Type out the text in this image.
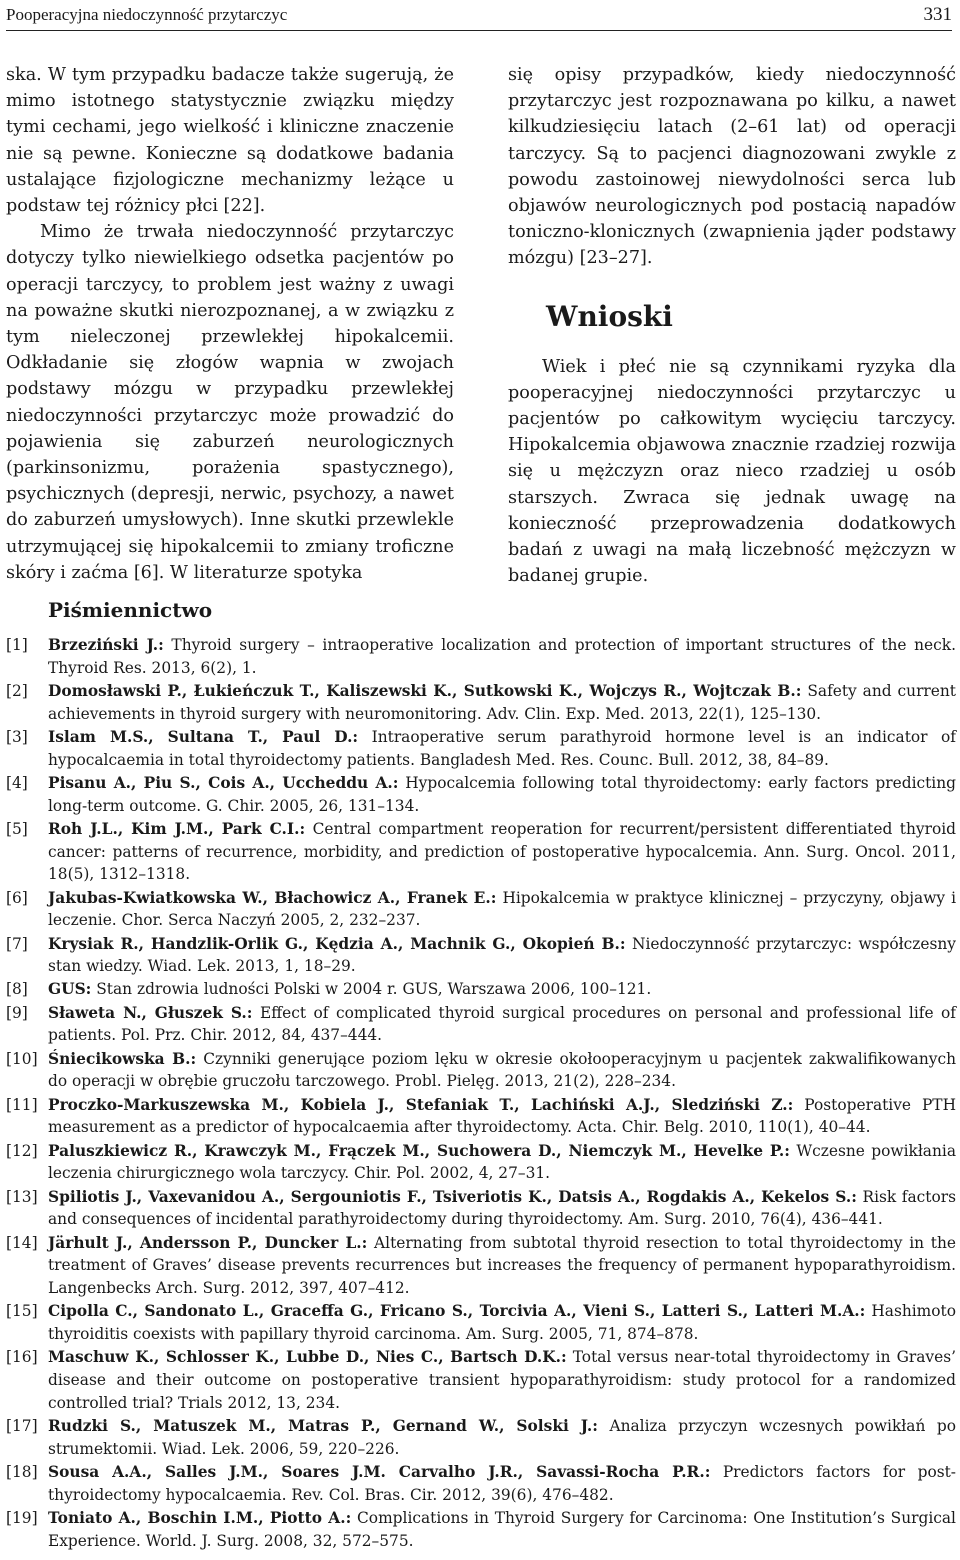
Pooperacyjna niedoczynność przytarczyc	331

ska. W tym przypadku badacze także sugerują, że mimo istotnego statystycznie związku między tymi cechami, jego wielkość i kliniczne znaczenie nie są pewne. Konieczne są dodatkowe badania ustalające fizjologiczne mechanizmy leżące u podstaw tej różnicy płci [22].

Mimo że trwała niedoczynność przytarczyc dotyczy tylko niewielkiego odsetka pacjentów po operacji tarczycy, to problem jest ważny z uwagi na poważne skutki nierozpoznanej, a w związku z tym nieleczonej przewlekłej hipokalcemii. Odkładanie się złogów wapnia w zwojach podstawy mózgu w przypadku przewlekłej niedoczynności przytarczyc może prowadzić do pojawienia się zaburzeń neurologicznych (parkinsonizmu, porażenia spastycznego), psychicznych (depresji, nerwic, psychozy, a nawet do zaburzeń umysłowych). Inne skutki przewlekle utrzymującej się hipokalcemii to zmiany troficzne skóry i zaćma [6]. W literaturze spotyka

się opisy przypadków, kiedy niedoczynność przytarczyc jest rozpoznawana po kilku, a nawet kilkudziesięciu latach (2–61 lat) od operacji tarczycy. Są to pacjenci diagnozowani zwykle z powodu zastoinowej niewydolności serca lub objawów neurologicznych pod postacią napadów toniczno-klonicznych (zwapnienia jąder podstawy mózgu) [23–27].

Wnioski

Wiek i płeć nie są czynnikami ryzyka dla pooperacyjnej niedoczynności przytarczyc u pacjentów po całkowitym wycięciu tarczycy. Hipokalcemia objawowa znacznie rzadziej rozwija się u mężczyzn oraz nieco rzadziej u osób starszych. Zwraca się jednak uwagę na konieczność przeprowadzenia dodatkowych badań z uwagi na małą liczebność mężczyzn w badanej grupie.

Piśmiennictwo
[1]	Brzeziński J.: Thyroid surgery – intraoperative localization and protection of important structures of the neck. Thyroid Res. 2013, 6(2), 1.
[2]	Domosławski P., Łukieńczuk T., Kaliszewski K., Sutkowski K., Wojczys R., Wojtczak B.: Safety and current achievements in thyroid surgery with neuromonitoring. Adv. Clin. Exp. Med. 2013, 22(1), 125–130.
[3]	Islam M.S., Sultana T., Paul D.: Intraoperative serum parathyroid hormone level is an indicator of hypocalcaemia in total thyroidectomy patients. Bangladesh Med. Res. Counc. Bull. 2012, 38, 84–89.
[4]	Pisanu A., Piu S., Cois A., Uccheddu A.: Hypocalcemia following total thyroidectomy: early factors predicting long-term outcome. G. Chir. 2005, 26, 131–134.
[5]	Roh J.L., Kim J.M., Park C.I.: Central compartment reoperation for recurrent/persistent differentiated thyroid cancer: patterns of recurrence, morbidity, and prediction of postoperative hypocalcemia. Ann. Surg. Oncol. 2011, 18(5), 1312–1318.
[6]	Jakubas-Kwiatkowska W., Błachowicz A., Franek E.: Hipokalcemia w praktyce klinicznej – przyczyny, objawy i leczenie. Chor. Serca Naczyń 2005, 2, 232–237.
[7]	Krysiak R., Handzlik-Orlik G., Kędzia A., Machnik G., Okopień B.: Niedoczynność przytarczyc: współczesny stan wiedzy. Wiad. Lek. 2013, 1, 18–29.
[8]	GUS: Stan zdrowia ludności Polski w 2004 r. GUS, Warszawa 2006, 100–121.
[9]	Sławeta N., Głuszek S.: Effect of complicated thyroid surgical procedures on personal and professional life of patients. Pol. Prz. Chir. 2012, 84, 437–444.
[10] Śniecikowska B.: Czynniki generujące poziom lęku w okresie okołooperacyjnym u pacjentek zakwalifikowanych do operacji w obrębie gruczołu tarczowego. Probl. Pielęg. 2013, 21(2), 228–234.
[11] Proczko-Markuszewska M., Kobiela J., Stefaniak T., Lachiński A.J., Sledziński Z.: Postoperative PTH measurement as a predictor of hypocalcaemia after thyroidectomy. Acta. Chir. Belg. 2010, 110(1), 40–44.
[12] Paluszkiewicz R., Krawczyk M., Frączek M., Suchowera D., Niemczyk M., Hevelke P.: Wczesne powikłania leczenia chirurgicznego wola tarczycy. Chir. Pol. 2002, 4, 27–31.
[13] Spiliotis J., Vaxevanidou A., Sergouniotis F., Tsiveriotis K., Datsis A., Rogdakis A., Kekelos S.: Risk factors and consequences of incidental parathyroidectomy during thyroidectomy. Am. Surg. 2010, 76(4), 436–441.
[14] Järhult J., Andersson P., Duncker L.: Alternating from subtotal thyroid resection to total thyroidectomy in the treatment of Graves’ disease prevents recurrences but increases the frequency of permanent hypoparathyroidism. Langenbecks Arch. Surg. 2012, 397, 407–412.
[15] Cipolla C., Sandonato L., Graceffa G., Fricano S., Torcivia A., Vieni S., Latteri S., Latteri M.A.: Hashimoto thyroiditis coexists with papillary thyroid carcinoma. Am. Surg. 2005, 71, 874–878.
[16] Maschuw K., Schlosser K., Lubbe D., Nies C., Bartsch D.K.: Total versus near-total thyroidectomy in Graves’ disease and their outcome on postoperative transient hypoparathyroidism: study protocol for a randomized controlled trial? Trials 2012, 13, 234.
[17] Rudzki S., Matuszek M., Matras P., Gernand W., Solski J.: Analiza przyczyn wczesnych powikłań po strumektomii. Wiad. Lek. 2006, 59, 220–226.
[18] Sousa A.A., Salles J.M., Soares J.M. Carvalho J.R., Savassi-Rocha P.R.: Predictors factors for post-thyroidectomy hypocalcaemia. Rev. Col. Bras. Cir. 2012, 39(6), 476–482.
[19] Toniato A., Boschin I.M., Piotto A.: Complications in Thyroid Surgery for Carcinoma: One Institution’s Surgical Experience. World. J. Surg. 2008, 32, 572–575.
